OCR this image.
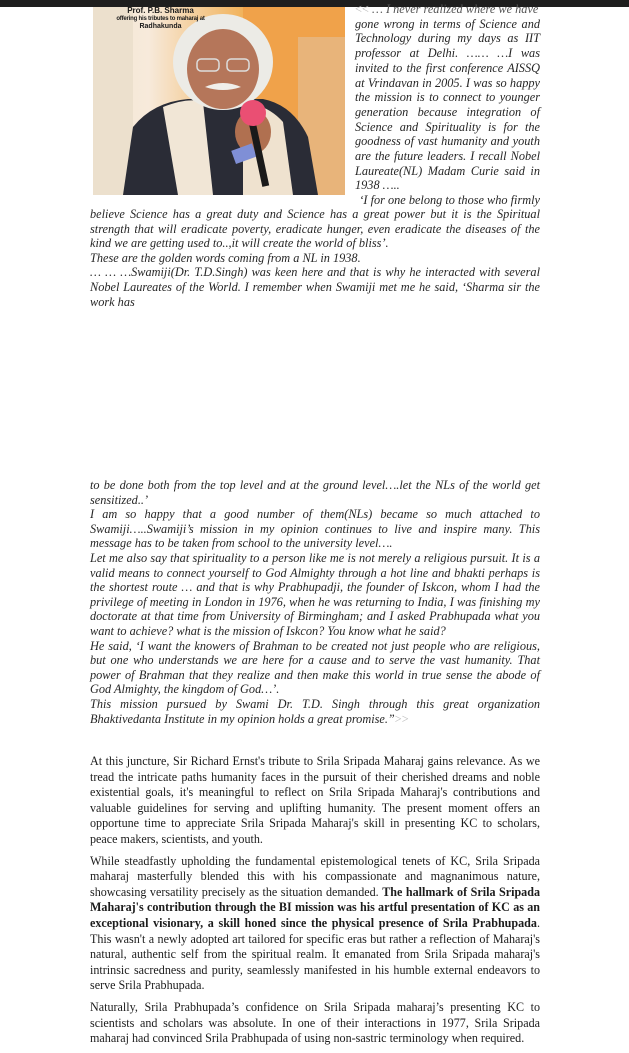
Prof. P.B. Sharma
offering his tributes to maharaj at
Radhakunda
<< … I never realized where we have
gone wrong in terms of Science and Technology during my days as IIT professor at Delhi. …… …I was invited to the first conference AISSQ at Vrindavan in 2005. I was so happy the mission is to connect to younger generation because integration of Science and Spirituality is for the goodness of vast humanity and youth are the future leaders. I recall Nobel Laureate(NL) Madam Curie said in 1938 …..
‘I for one belong to those who firmly

believe Science has a great duty and Science has a great power but it is the Spiritual strength that will eradicate poverty, eradicate hunger, even eradicate the diseases of the kind we are getting used to..,it will create the world of bliss’.

These are the golden words coming from a NL in 1938.

… … …Swamiji(Dr. T.D.Singh) was keen here and that is why he interacted with several Nobel Laureates of the World. I remember when Swamiji met me he said, ‘Sharma sir the work has

to be done both from the top level and at the ground level….let the NLs of the world get sensitized..’

I am so happy that a good number of them(NLs) became so much attached to Swamiji…..Swamiji’s mission in my opinion continues to live and inspire many. This message has to be taken from school to the university level….

Let me also say that spirituality to a person like me is not merely a religious pursuit. It is a valid means to connect yourself to God Almighty through a hot line and bhakti perhaps is the shortest route … and that is why Prabhupadji, the founder of Iskcon, whom I had the privilege of meeting in London in 1976, when he was returning to India, I was finishing my doctorate at that time from University of Birmingham; and I asked Prabhupada what you want to achieve? what is the mission of Iskcon? You know what he said?

He said, ‘I want the knowers of Brahman to be created not just people who are religious, but one who understands we are here for a cause and to serve the vast humanity. That power of Brahman that they realize and then make this world in true sense the abode of God Almighty, the kingdom of God…’.

This mission pursued by Swami Dr. T.D. Singh through this great organization Bhaktivedanta Institute in my opinion holds a great promise.”>>

At this juncture, Sir Richard Ernst's tribute to Srila Sripada Maharaj gains relevance. As we tread the intricate paths humanity faces in the pursuit of their cherished dreams and noble existential goals, it's meaningful to reflect on Srila Sripada Maharaj's contributions and valuable guidelines for serving and uplifting humanity. The present moment offers an opportune time to appreciate Srila Sripada Maharaj's skill in presenting KC to scholars, peace makers, scientists, and youth.

While steadfastly upholding the fundamental epistemological tenets of KC, Srila Sripada maharaj masterfully blended this with his compassionate and magnanimous nature, showcasing versatility precisely as the situation demanded. The hallmark of Srila Sripada Maharaj's contribution through the BI mission was his artful presentation of KC as an exceptional visionary, a skill honed since the physical presence of Srila Prabhupada. This wasn't a newly adopted art tailored for specific eras but rather a reflection of Maharaj's natural, authentic self from the spiritual realm. It emanated from Srila Sripada maharaj's intrinsic sacredness and purity, seamlessly manifested in his humble external endeavors to serve Srila Prabhupada.

Naturally, Srila Prabhupada’s confidence on Srila Sripada maharaj’s presenting KC to scientists and scholars was absolute. In one of their interactions in 1977, Srila Sripada maharaj had convinced Srila Prabhupada of using non-sastric terminology when required.
